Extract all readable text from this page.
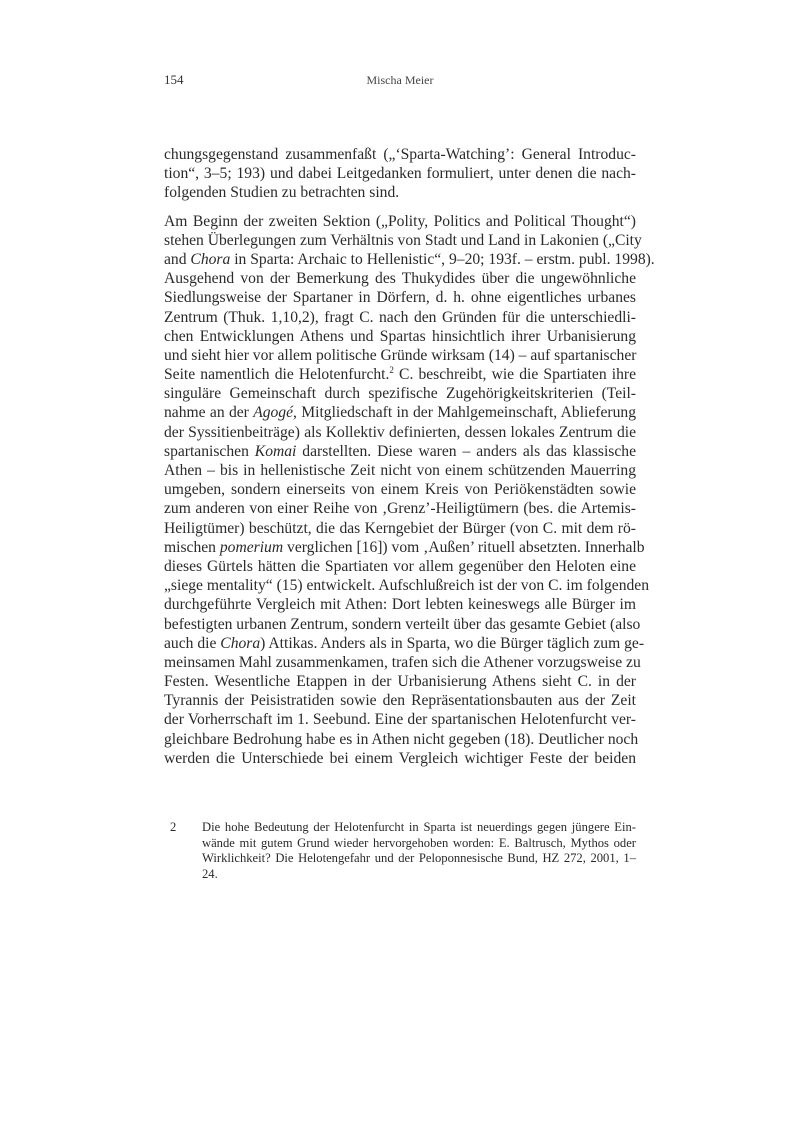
154	Mischa Meier
chungsgegenstand zusammenfaßt („‘Sparta-Watching’: General Introduc-
tion“, 3–5; 193) und dabei Leitgedanken formuliert, unter denen die nach-
folgenden Studien zu betrachten sind.
Am Beginn der zweiten Sektion („Polity, Politics and Political Thought“)
stehen Überlegungen zum Verhältnis von Stadt und Land in Lakonien („City
and Chora in Sparta: Archaic to Hellenistic“, 9–20; 193f. – erstm. publ. 1998).
Ausgehend von der Bemerkung des Thukydides über die ungewöhnliche
Siedlungsweise der Spartaner in Dörfern, d. h. ohne eigentliches urbanes
Zentrum (Thuk. 1,10,2), fragt C. nach den Gründen für die unterschiedli-
chen Entwicklungen Athens und Spartas hinsichtlich ihrer Urbanisierung
und sieht hier vor allem politische Gründe wirksam (14) – auf spartanischer
Seite namentlich die Helotenfurcht.$^2$ C. beschreibt, wie die Spartiaten ihre
singuläre Gemeinschaft durch spezifische Zugehörigkeitskriterien (Teil-
nahme an der Agogé, Mitgliedschaft in der Mahlgemeinschaft, Ablieferung
der Syssitienbeiträge) als Kollektiv definierten, dessen lokales Zentrum die
spartanischen Komai darstellten. Diese waren – anders als das klassische
Athen – bis in hellenistische Zeit nicht von einem schützenden Mauerring
umgeben, sondern einerseits von einem Kreis von Periökenstädten sowie
zum anderen von einer Reihe von ‚Grenz’-Heiligtümern (bes. die Artemis-
Heiligtümer) beschützt, die das Kerngebiet der Bürger (von C. mit dem rö-
mischen pomerium verglichen [16]) vom ‚Außen’ rituell absetzten. Innerhalb
dieses Gürtels hätten die Spartiaten vor allem gegenüber den Heloten eine
„siege mentality“ (15) entwickelt. Aufschlußreich ist der von C. im folgenden
durchgeführte Vergleich mit Athen: Dort lebten keineswegs alle Bürger im
befestigten urbanen Zentrum, sondern verteilt über das gesamte Gebiet (also
auch die Chora) Attikas. Anders als in Sparta, wo die Bürger täglich zum ge-
meinsamen Mahl zusammenkamen, trafen sich die Athener vorzugsweise zu
Festen. Wesentliche Etappen in der Urbanisierung Athens sieht C. in der
Tyrannis der Peisistratiden sowie den Repräsentationsbauten aus der Zeit
der Vorherrschaft im 1. Seebund. Eine der spartanischen Helotenfurcht ver-
gleichbare Bedrohung habe es in Athen nicht gegeben (18). Deutlicher noch
werden die Unterschiede bei einem Vergleich wichtiger Feste der beiden
2 Die hohe Bedeutung der Helotenfurcht in Sparta ist neuerdings gegen jüngere Ein-
wände mit gutem Grund wieder hervorgehoben worden: E. Baltrusch, Mythos oder
Wirklichkeit? Die Helotengefahr und der Peloponnesische Bund, HZ 272, 2001, 1–
24.
